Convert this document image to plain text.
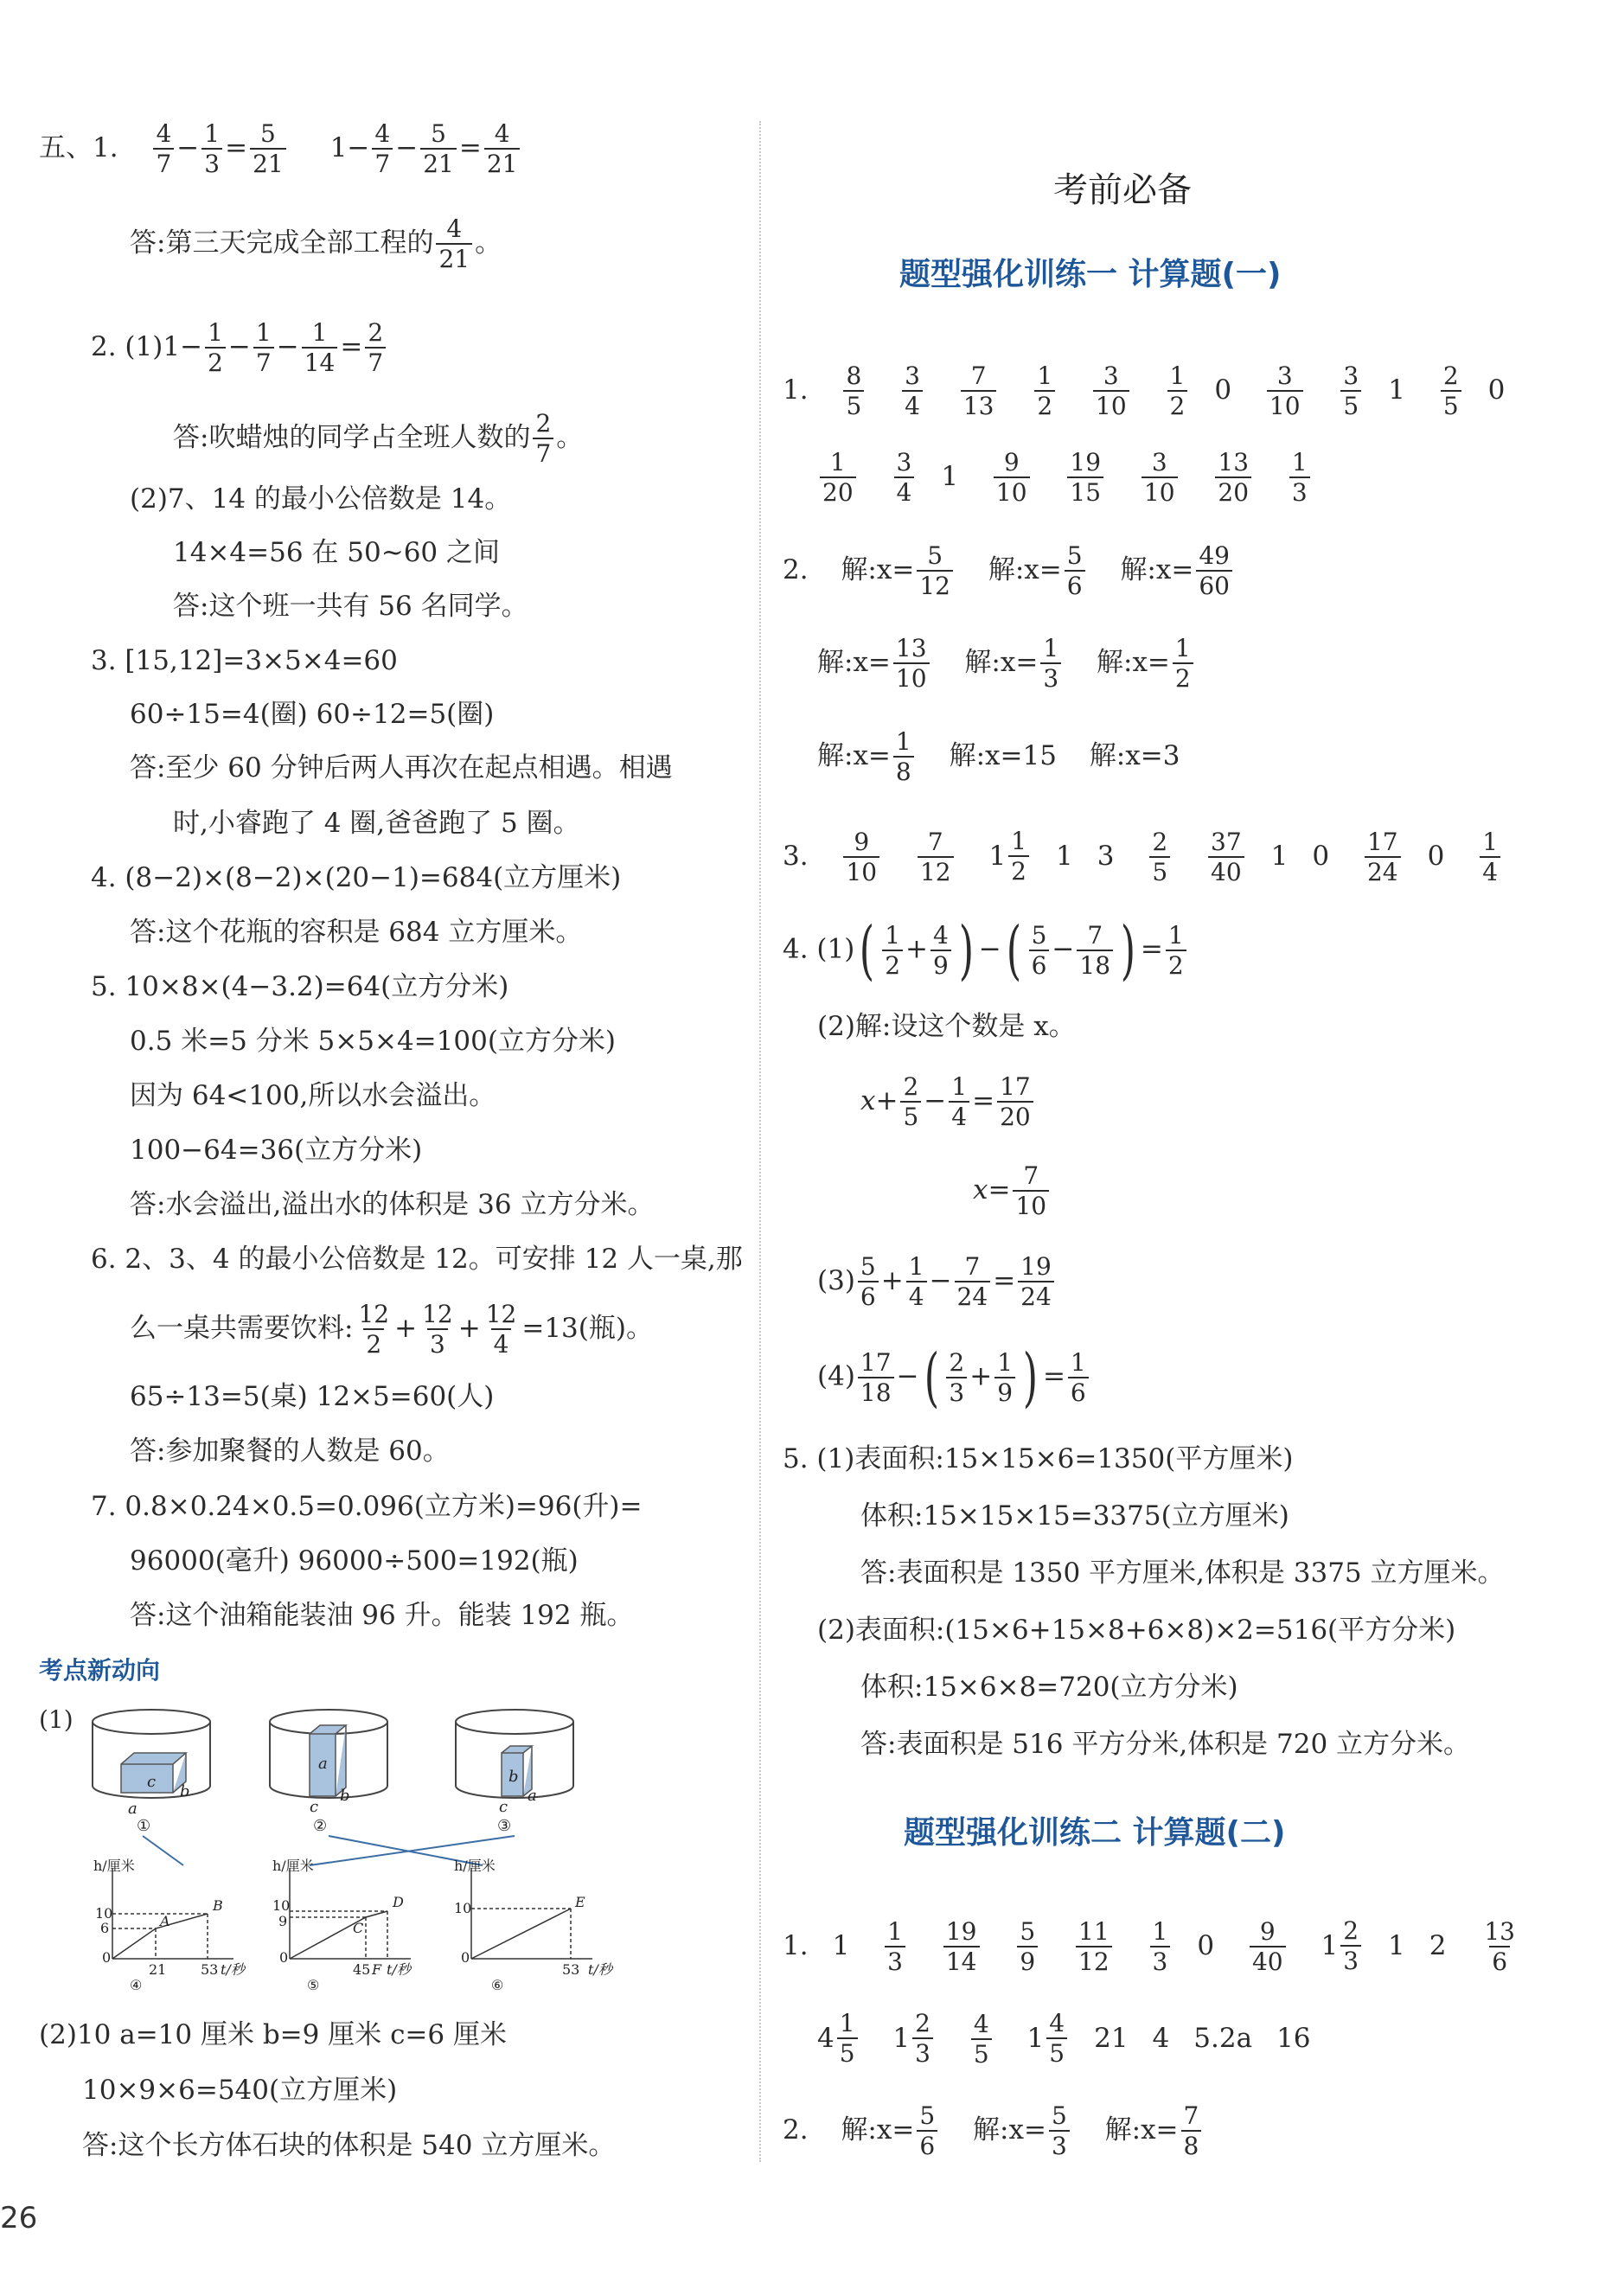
五、1. $\frac{4}{7} - \frac{1}{3} = \frac{5}{21} 1- \frac{4}{7} - \frac{5}{21} = \frac{4}{21}$
答:第三天完成全部工程的 $\frac{4}{21}$ 。
2. $(1)1- \frac{1}{2} - \frac{1}{7} - \frac{1}{14} = \frac{2}{7}$
答:吹蜡烛的同学占全班人数的 $\frac{2}{7}$ 。
(2)7、14 的最小公倍数是 14。
14×4=56 在 50~60 之间
答:这个班一共有 56 名同学。
3. [15,12]=3×5×4=60
60÷15=4(圈) 60÷12=5(圈)
答:至少 60 分钟后两人再次在起点相遇。相遇
时,小睿跑了 4 圈,爸爸跑了 5 圈。
4. (8−2)×(8−2)×(20−1)=684(立方厘米)
答:这个花瓶的容积是 684 立方厘米。
5. 10×8×(4−3.2)=64(立方分米)
0.5 米=5 分米 5×5×4=100(立方分米)
因为 64<100,所以水会溢出。
100−64=36(立方分米)
答:水会溢出,溢出水的体积是 36 立方分米。
6. 2、3、4 的最小公倍数是 12。可安排 12 人一桌,那
么一桌共需要饮料: $\frac{12}{2} + \frac{12}{3} + \frac{12}{4} =13$(瓶)。
65÷13=5(桌) 12×5=60(人)
答:参加聚餐的人数是 60。
7. 0.8×0.24×0.5=0.096(立方米)=96(升)=
96000(毫升) 96000÷500=192(瓶)
答:这个油箱能装油 96 升。能装 192 瓶。
考点新动向
(1)
a
c
b
a
c
b
b
c
a
①	②	③
h/厘米
10
6
0
21 53
A
B
④
t/秒
h/厘米
10
9
0
45
D
C
F
⑤
t/秒
h/厘米
10
0
53
E
⑥
t/秒
(2)10 a=10 厘米 b=9 厘米 c=6 厘米
10×9×6=540(立方厘米)
答:这个长方体石块的体积是 540 立方厘米。
26
考前必备
题型强化训练一 计算题(一)
1. $\frac{8}{5}$
$\frac{3}{4}$
$\frac{7}{13}$
$\frac{1}{2}$
$\frac{3}{10}$
$\frac{1}{2} 0 \frac{3}{10}$
$\frac{3}{5} 1 \frac{2}{5} 0$
$\frac{1}{20}$
$\frac{3}{4} 1 \frac{9}{10}$
$\frac{19}{15}$
$\frac{3}{10}$
$\frac{13}{20}$
$\frac{1}{3}$
2. 解:x= $\frac{5}{12}$ 解:x= $\frac{5}{6}$ 解:x= $\frac{49}{60}$
解:x= $\frac{13}{10}$ 解:x= $\frac{1}{3}$ 解:x= $\frac{1}{2}$
解:x= $\frac{1}{8}$ 解:x=15 解:x=3
3. $\frac{9}{10}$
$\frac{7}{12} 1 \frac{1}{2} 1$ $3 \frac{2}{5}$
$\frac{37}{40} 1$ $0 \frac{17}{24} 0 \frac{1}{4}$
4. $(1)( \frac{1}{2} + \frac{4}{9}$ ) −( $\frac{5}{6} - \frac{7}{18}$ ) = $\frac{1}{2}$
(2)解:设这个数是 x。
$x+ \frac{2}{5} - \frac{1}{4} = \frac{17}{20}$
$x= \frac{7}{10}$
$(3) \frac{5}{6} + \frac{1}{4} - \frac{7}{24} = \frac{19}{24}$
$(4) \frac{17}{18}$ −( $\frac{2}{3} + \frac{1}{9}$ ) = $\frac{1}{6}$
5. (1)表面积:15×15×6=1350(平方厘米)
体积:15×15×15=3375(立方厘米)
答:表面积是 1350 平方厘米,体积是 3375 立方厘米。
(2)表面积:(15×6+15×8+6×8)×2=516(平方分米)
体积:15×6×8=720(立方分米)
答:表面积是 516 平方分米,体积是 720 立方分米。
题型强化训练二 计算题(二)
1. $1 \frac{1}{3}$
$\frac{19}{14}$
$\frac{5}{9}$
$\frac{11}{12}$
$\frac{1}{3} 0 \frac{9}{40} 1 \frac{2}{3} 1$ $2 \frac{13}{6}$
$4 \frac{1}{5} 1 \frac{2}{3}$
$\frac{4}{5} 1 \frac{4}{5} 21$ 4 5.2a 16
2. 解:x= $\frac{5}{6}$ 解:x= $\frac{5}{3}$ 解:x= $\frac{7}{8}$
